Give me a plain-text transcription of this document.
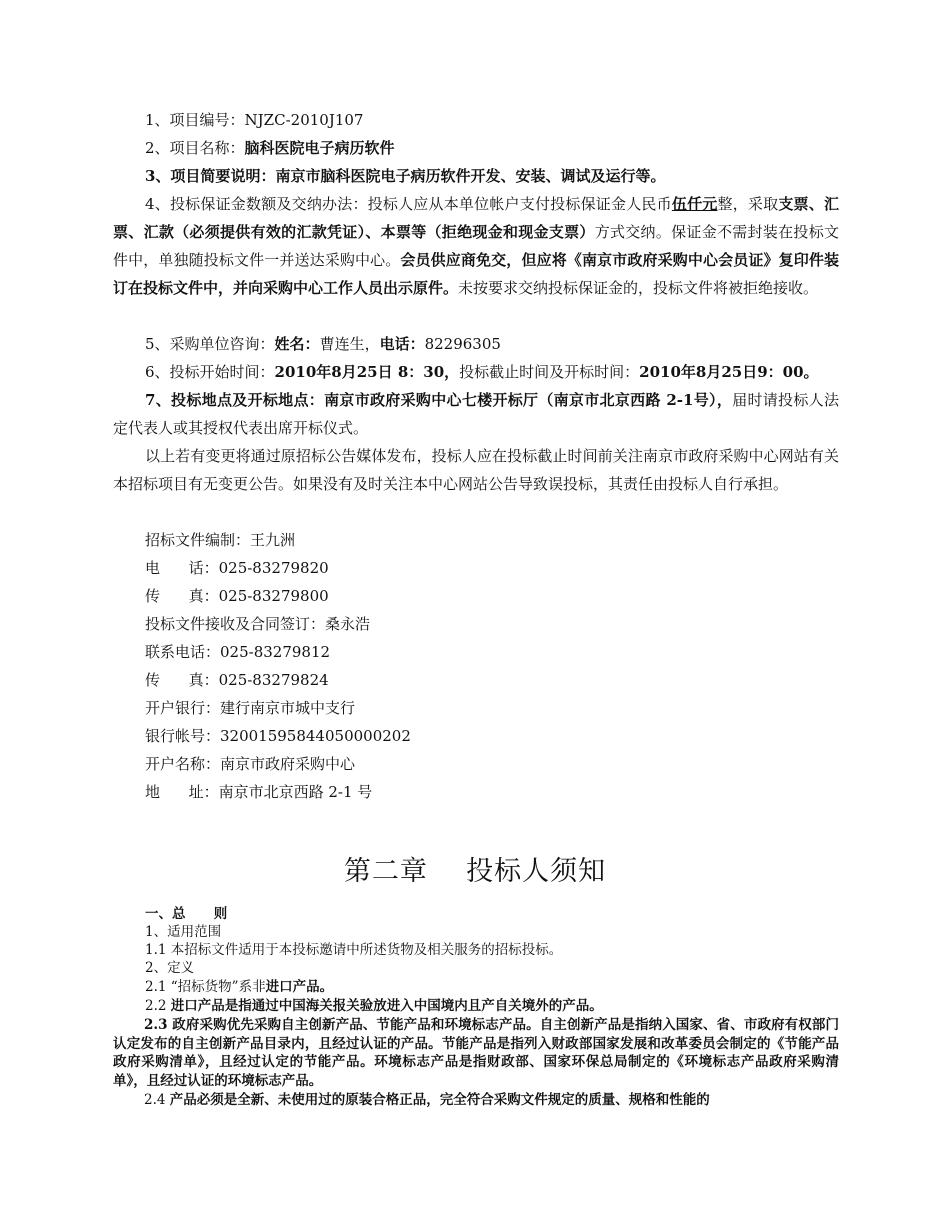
1、项目编号：NJZC-2010J107

2、项目名称：脑科医院电子病历软件

3、项目简要说明：南京市脑科医院电子病历软件开发、安装、调试及运行等。

4、投标保证金数额及交纳办法：投标人应从本单位帐户支付投标保证金人民币伍仟元整，采取支票、汇票、汇款（必须提供有效的汇款凭证）、本票等（拒绝现金和现金支票）方式交纳。保证金不需封装在投标文件中，单独随投标文件一并送达采购中心。会员供应商免交，但应将《南京市政府采购中心会员证》复印件装订在投标文件中，并向采购中心工作人员出示原件。未按要求交纳投标保证金的，投标文件将被拒绝接收。

5、采购单位咨询：姓名：曹连生，电话：82296305

6、投标开始时间：2010年8月25日 8：30，投标截止时间及开标时间：2010年8月25日9：00。

7、投标地点及开标地点：南京市政府采购中心七楼开标厅（南京市北京西路 2-1号），届时请投标人法定代表人或其授权代表出席开标仪式。

以上若有变更将通过原招标公告媒体发布，投标人应在投标截止时间前关注南京市政府采购中心网站有关本招标项目有无变更公告。如果没有及时关注本中心网站公告导致误投标，其责任由投标人自行承担。

招标文件编制：王九洲
电      话：025-83279820
传      真：025-83279800
投标文件接收及合同签订：桑永浩
联系电话：025-83279812
传      真：025-83279824
开户银行：建行南京市城中支行
银行帐号：32001595844050000202
开户名称：南京市政府采购中心
地      址：南京市北京西路 2-1 号
第二章    投标人须知

一、总      则

1、适用范围

1.1 本招标文件适用于本投标邀请中所述货物及相关服务的招标投标。

2、定义

2.1 “招标货物”系非进口产品。

2.2 进口产品是指通过中国海关报关验放进入中国境内且产自关境外的产品。

2.3 政府采购优先采购自主创新产品、节能产品和环境标志产品。自主创新产品是指纳入国家、省、市政府有权部门认定发布的自主创新产品目录内，且经过认证的产品。节能产品是指列入财政部国家发展和改革委员会制定的《节能产品政府采购清单》，且经过认定的节能产品。环境标志产品是指财政部、国家环保总局制定的《环境标志产品政府采购清单》，且经过认证的环境标志产品。

2.4 产品必须是全新、未使用过的原装合格正品，完全符合采购文件规定的质量、规格和性能的
